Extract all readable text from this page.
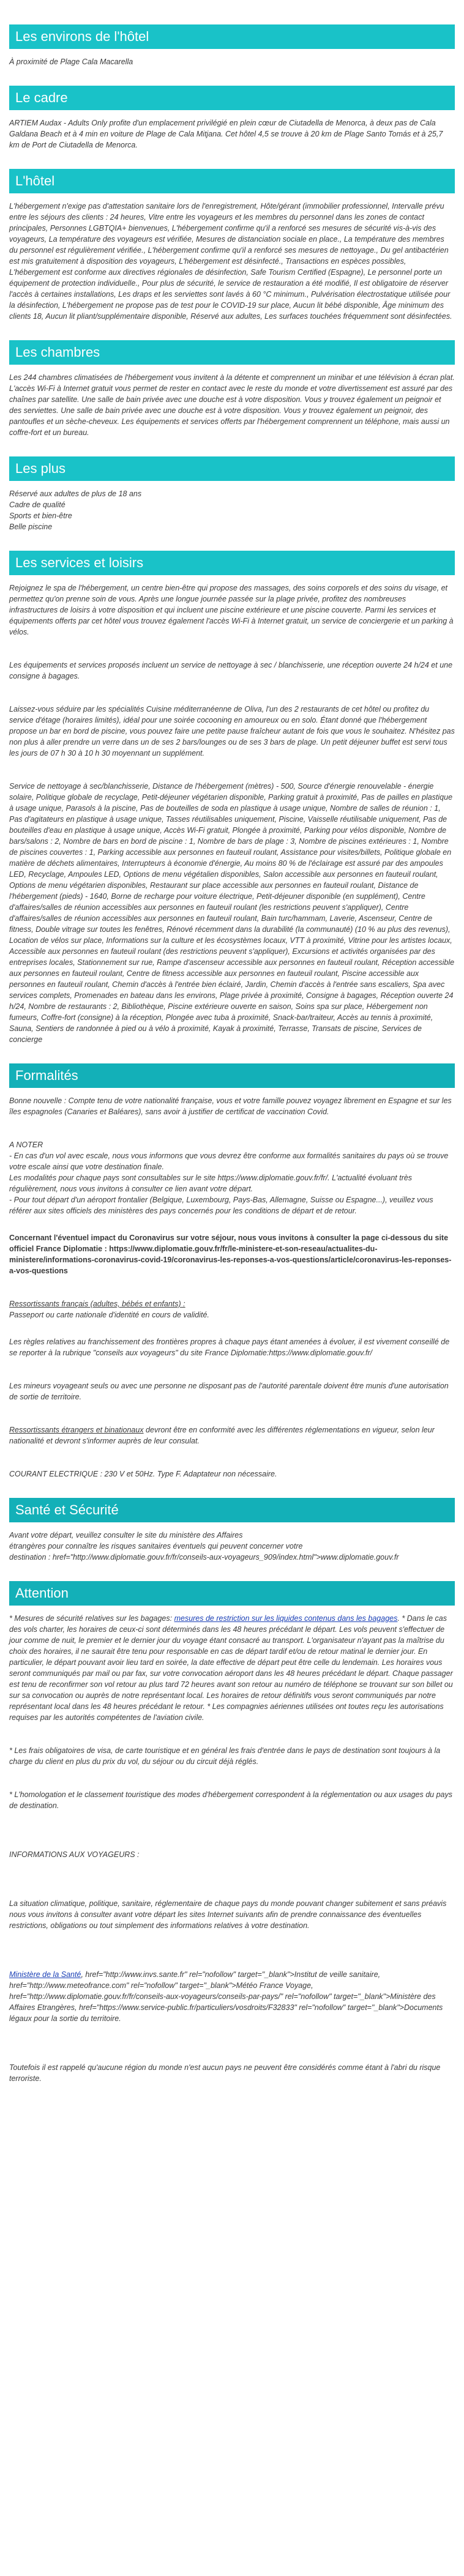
Les environs de l'hôtel

À proximité de Plage Cala Macarella

Le cadre

ARTIEM Audax - Adults Only profite d'un emplacement privilégié en plein cœur de Ciutadella de Menorca, à deux pas de Cala Galdana Beach et à 4 min en voiture de Plage de Cala Mitjana. Cet hôtel 4,5 se trouve à 20 km de Plage Santo Tomás et à 25,7 km de Port de Ciutadella de Menorca.

L'hôtel

L'hébergement n'exige pas d'attestation sanitaire lors de l'enregistrement, Hôte/gérant (immobilier professionnel, Intervalle prévu entre les séjours des clients : 24 heures, Vitre entre les voyageurs et les membres du personnel dans les zones de contact principales, Personnes LGBTQIA+ bienvenues, L'hébergement confirme qu'il a renforcé ses mesures de sécurité vis-à-vis des voyageurs, La température des voyageurs est vérifiée, Mesures de distanciation sociale en place., La température des membres du personnel est régulièrement vérifiée., L'hébergement confirme qu'il a renforcé ses mesures de nettoyage., Du gel antibactérien est mis gratuitement à disposition des voyageurs, L'hébergement est désinfecté., Transactions en espèces possibles, L'hébergement est conforme aux directives régionales de désinfection, Safe Tourism Certified (Espagne), Le personnel porte un équipement de protection individuelle., Pour plus de sécurité, le service de restauration a été modifié, Il est obligatoire de réserver l'accès à certaines installations, Les draps et les serviettes sont lavés à 60 °C minimum., Pulvérisation électrostatique utilisée pour la désinfection, L'hébergement ne propose pas de test pour le COVID-19 sur place, Aucun lit bébé disponible, Âge minimum des clients 18, Aucun lit pliant/supplémentaire disponible, Réservé aux adultes, Les surfaces touchées fréquemment sont désinfectées.

Les chambres

Les 244 chambres climatisées de l'hébergement vous invitent à la détente et comprennent un minibar et une télévision à écran plat. L'accès Wi-Fi à Internet gratuit vous permet de rester en contact avec le reste du monde et votre divertissement est assuré par des chaînes par satellite. Une salle de bain privée avec une douche est à votre disposition. Vous y trouvez également un peignoir et des serviettes. Une salle de bain privée avec une douche est à votre disposition. Vous y trouvez également un peignoir, des pantoufles et un sèche-cheveux. Les équipements et services offerts par l'hébergement comprennent un téléphone, mais aussi un coffre-fort et un bureau.

Les plus

Réservé aux adultes de plus de 18 ans

Cadre de qualité

Sports et bien-être

Belle piscine

Les services et loisirs

Rejoignez le spa de l'hébergement, un centre bien-être qui propose des massages, des soins corporels et des soins du visage, et permettez qu'on prenne soin de vous. Après une longue journée passée sur la plage privée, profitez des nombreuses infrastructures de loisirs à votre disposition et qui incluent une piscine extérieure et une piscine couverte. Parmi les services et équipements offerts par cet hôtel vous trouvez également l'accès Wi-Fi à Internet gratuit, un service de conciergerie et un parking à vélos.

Les équipements et services proposés incluent un service de nettoyage à sec / blanchisserie, une réception ouverte 24 h/24 et une consigne à bagages.

Laissez-vous séduire par les spécialités Cuisine méditerranéenne de Oliva, l'un des 2 restaurants de cet hôtel ou profitez du service d'étage (horaires limités), idéal pour une soirée cocooning en amoureux ou en solo. Étant donné que l'hébergement propose un bar en bord de piscine, vous pouvez faire une petite pause fraîcheur autant de fois que vous le souhaitez. N'hésitez pas non plus à aller prendre un verre dans un de ses 2 bars/lounges ou de ses 3 bars de plage. Un petit déjeuner buffet est servi tous les jours de 07 h 30 à 10 h 30 moyennant un supplément.

Service de nettoyage à sec/blanchisserie, Distance de l'hébergement (mètres) - 500, Source d'énergie renouvelable - énergie solaire, Politique globale de recyclage, Petit-déjeuner végétarien disponible, Parking gratuit à proximité, Pas de pailles en plastique à usage unique, Parasols à la piscine, Pas de bouteilles de soda en plastique à usage unique, Nombre de salles de réunion : 1, Pas d'agitateurs en plastique à usage unique, Tasses réutilisables uniquement, Piscine, Vaisselle réutilisable uniquement, Pas de bouteilles d'eau en plastique à usage unique, Accès Wi-Fi gratuit, Plongée à proximité, Parking pour vélos disponible, Nombre de bars/salons : 2, Nombre de bars en bord de piscine : 1, Nombre de bars de plage : 3, Nombre de piscines extérieures : 1, Nombre de piscines couvertes : 1, Parking accessible aux personnes en fauteuil roulant, Assistance pour visites/billets, Politique globale en matière de déchets alimentaires, Interrupteurs à économie d'énergie, Au moins 80 % de l'éclairage est assuré par des ampoules LED, Recyclage, Ampoules LED, Options de menu végétalien disponibles, Salon accessible aux personnes en fauteuil roulant, Options de menu végétarien disponibles, Restaurant sur place accessible aux personnes en fauteuil roulant, Distance de l'hébergement (pieds) - 1640, Borne de recharge pour voiture électrique, Petit-déjeuner disponible (en supplément), Centre d'affaires/salles de réunion accessibles aux personnes en fauteuil roulant (les restrictions peuvent s'appliquer), Centre d'affaires/salles de réunion accessibles aux personnes en fauteuil roulant, Bain turc/hammam, Laverie, Ascenseur, Centre de fitness, Double vitrage sur toutes les fenêtres, Rénové récemment dans la durabilité (la communauté) (10 % au plus des revenus), Location de vélos sur place, Informations sur la culture et les écosystèmes locaux, VTT à proximité, Vitrine pour les artistes locaux, Accessible aux personnes en fauteuil roulant (des restrictions peuvent s'appliquer), Excursions et activités organisées par des entreprises locales, Stationnement sur rue, Rampe d'ascenseur accessible aux personnes en fauteuil roulant, Réception accessible aux personnes en fauteuil roulant, Centre de fitness accessible aux personnes en fauteuil roulant, Piscine accessible aux personnes en fauteuil roulant, Chemin d'accès à l'entrée bien éclairé, Jardin, Chemin d'accès à l'entrée sans escaliers, Spa avec services complets, Promenades en bateau dans les environs, Plage privée à proximité, Consigne à bagages, Réception ouverte 24 h/24, Nombre de restaurants : 2, Bibliothèque, Piscine extérieure ouverte en saison, Soins spa sur place, Hébergement non fumeurs, Coffre-fort (consigne) à la réception, Plongée avec tuba à proximité, Snack-bar/traiteur, Accès au tennis à proximité, Sauna, Sentiers de randonnée à pied ou à vélo à proximité, Kayak à proximité, Terrasse, Transats de piscine, Services de concierge

Formalités

Bonne nouvelle : Compte tenu de votre nationalité française, vous et votre famille pouvez voyagez librement en Espagne et sur les îles espagnoles (Canaries et Baléares), sans avoir à justifier de certificat de vaccination Covid.

A NOTER

- En cas d'un vol avec escale, nous vous informons que vous devrez être conforme aux formalités sanitaires du pays où se trouve votre escale ainsi que votre destination finale.

Les modalités pour chaque pays sont consultables sur le site https://www.diplomatie.gouv.fr/fr/. L'actualité évoluant très régulièrement, nous vous invitons à consulter ce lien avant votre départ.

- Pour tout départ d'un aéroport frontalier (Belgique, Luxembourg, Pays-Bas, Allemagne, Suisse ou Espagne...), veuillez vous référer aux sites officiels des ministères des pays concernés pour les conditions de départ et de retour.

Concernant l'éventuel impact du Coronavirus sur votre séjour, nous vous invitons à consulter la page ci-dessous du site officiel France Diplomatie : https://www.diplomatie.gouv.fr/fr/le-ministere-et-son-reseau/actualites-du-ministere/informations-coronavirus-covid-19/coronavirus-les-reponses-a-vos-questions/article/coronavirus-les-reponses-a-vos-questions

Ressortissants français (adultes, bébés et enfants) :

Passeport ou carte nationale d'identité en cours de validité.

Les règles relatives au franchissement des frontières propres à chaque pays étant amenées à évoluer, il est vivement conseillé de se reporter à la rubrique "conseils aux voyageurs" du site France Diplomatie:https://www.diplomatie.gouv.fr/

Les mineurs voyageant seuls ou avec une personne ne disposant pas de l'autorité parentale doivent être munis d'une autorisation de sortie de territoire.

Ressortissants étrangers et binationaux devront être en conformité avec les différentes réglementations en vigueur, selon leur nationalité et devront s'informer auprès de leur consulat.

COURANT ELECTRIQUE : 230 V et 50Hz. Type F. Adaptateur non nécessaire.

Santé et Sécurité

Avant votre départ, veuillez consulter le site du ministère des Affaires

étrangères pour connaître les risques sanitaires éventuels qui peuvent concerner votre

destination : href="http://www.diplomatie.gouv.fr/fr/conseils-aux-voyageurs_909/index.html">www.diplomatie.gouv.fr

Attention

* Mesures de sécurité relatives sur les bagages: mesures de restriction sur les liquides contenus dans les bagages. * Dans le cas des vols charter, les horaires de ceux-ci sont déterminés dans les 48 heures précédant le départ. Les vols peuvent s'effectuer de jour comme de nuit, le premier et le dernier jour du voyage étant consacré au transport. L'organisateur n'ayant pas la maîtrise du choix des horaires, il ne saurait être tenu pour responsable en cas de départ tardif et/ou de retour matinal le dernier jour. En particulier, le départ pouvant avoir lieu tard en soirée, la date effective de départ peut être celle du lendemain. Les horaires vous seront communiqués par mail ou par fax, sur votre convocation aéroport dans les 48 heures précédant le départ. Chaque passager est tenu de reconfirmer son vol retour au plus tard 72 heures avant son retour au numéro de téléphone se trouvant sur son billet ou sur sa convocation ou auprès de notre représentant local. Les horaires de retour définitifs vous seront communiqués par notre représentant local dans les 48 heures précédant le retour. * Les compagnies aériennes utilisées ont toutes reçu les autorisations requises par les autorités compétentes de l'aviation civile.

* Les frais obligatoires de visa, de carte touristique et en général les frais d'entrée dans le pays de destination sont toujours à la charge du client en plus du prix du vol, du séjour ou du circuit déjà réglés.

* L'homologation et le classement touristique des modes d'hébergement correspondent à la réglementation ou aux usages du pays de destination.

INFORMATIONS AUX VOYAGEURS :

La situation climatique, politique, sanitaire, réglementaire de chaque pays du monde pouvant changer subitement et sans préavis nous vous invitons à consulter avant votre départ les sites Internet suivants afin de prendre connaissance des éventuelles restrictions, obligations ou tout simplement des informations relatives à votre destination.

Ministère de la Santé, href="http://www.invs.sante.fr" rel="nofollow" target="_blank">Institut de veille sanitaire, href="http://www.meteofrance.com" rel="nofollow" target="_blank">Météo France Voyage, href="http://www.diplomatie.gouv.fr/fr/conseils-aux-voyageurs/conseils-par-pays/" rel="nofollow" target="_blank">Ministère des Affaires Etrangères, href="https://www.service-public.fr/particuliers/vosdroits/F32833" rel="nofollow" target="_blank">Documents légaux pour la sortie du territoire.

Toutefois il est rappelé qu'aucune région du monde n'est aucun pays ne peuvent être considérés comme étant à l'abri du risque terroriste.
